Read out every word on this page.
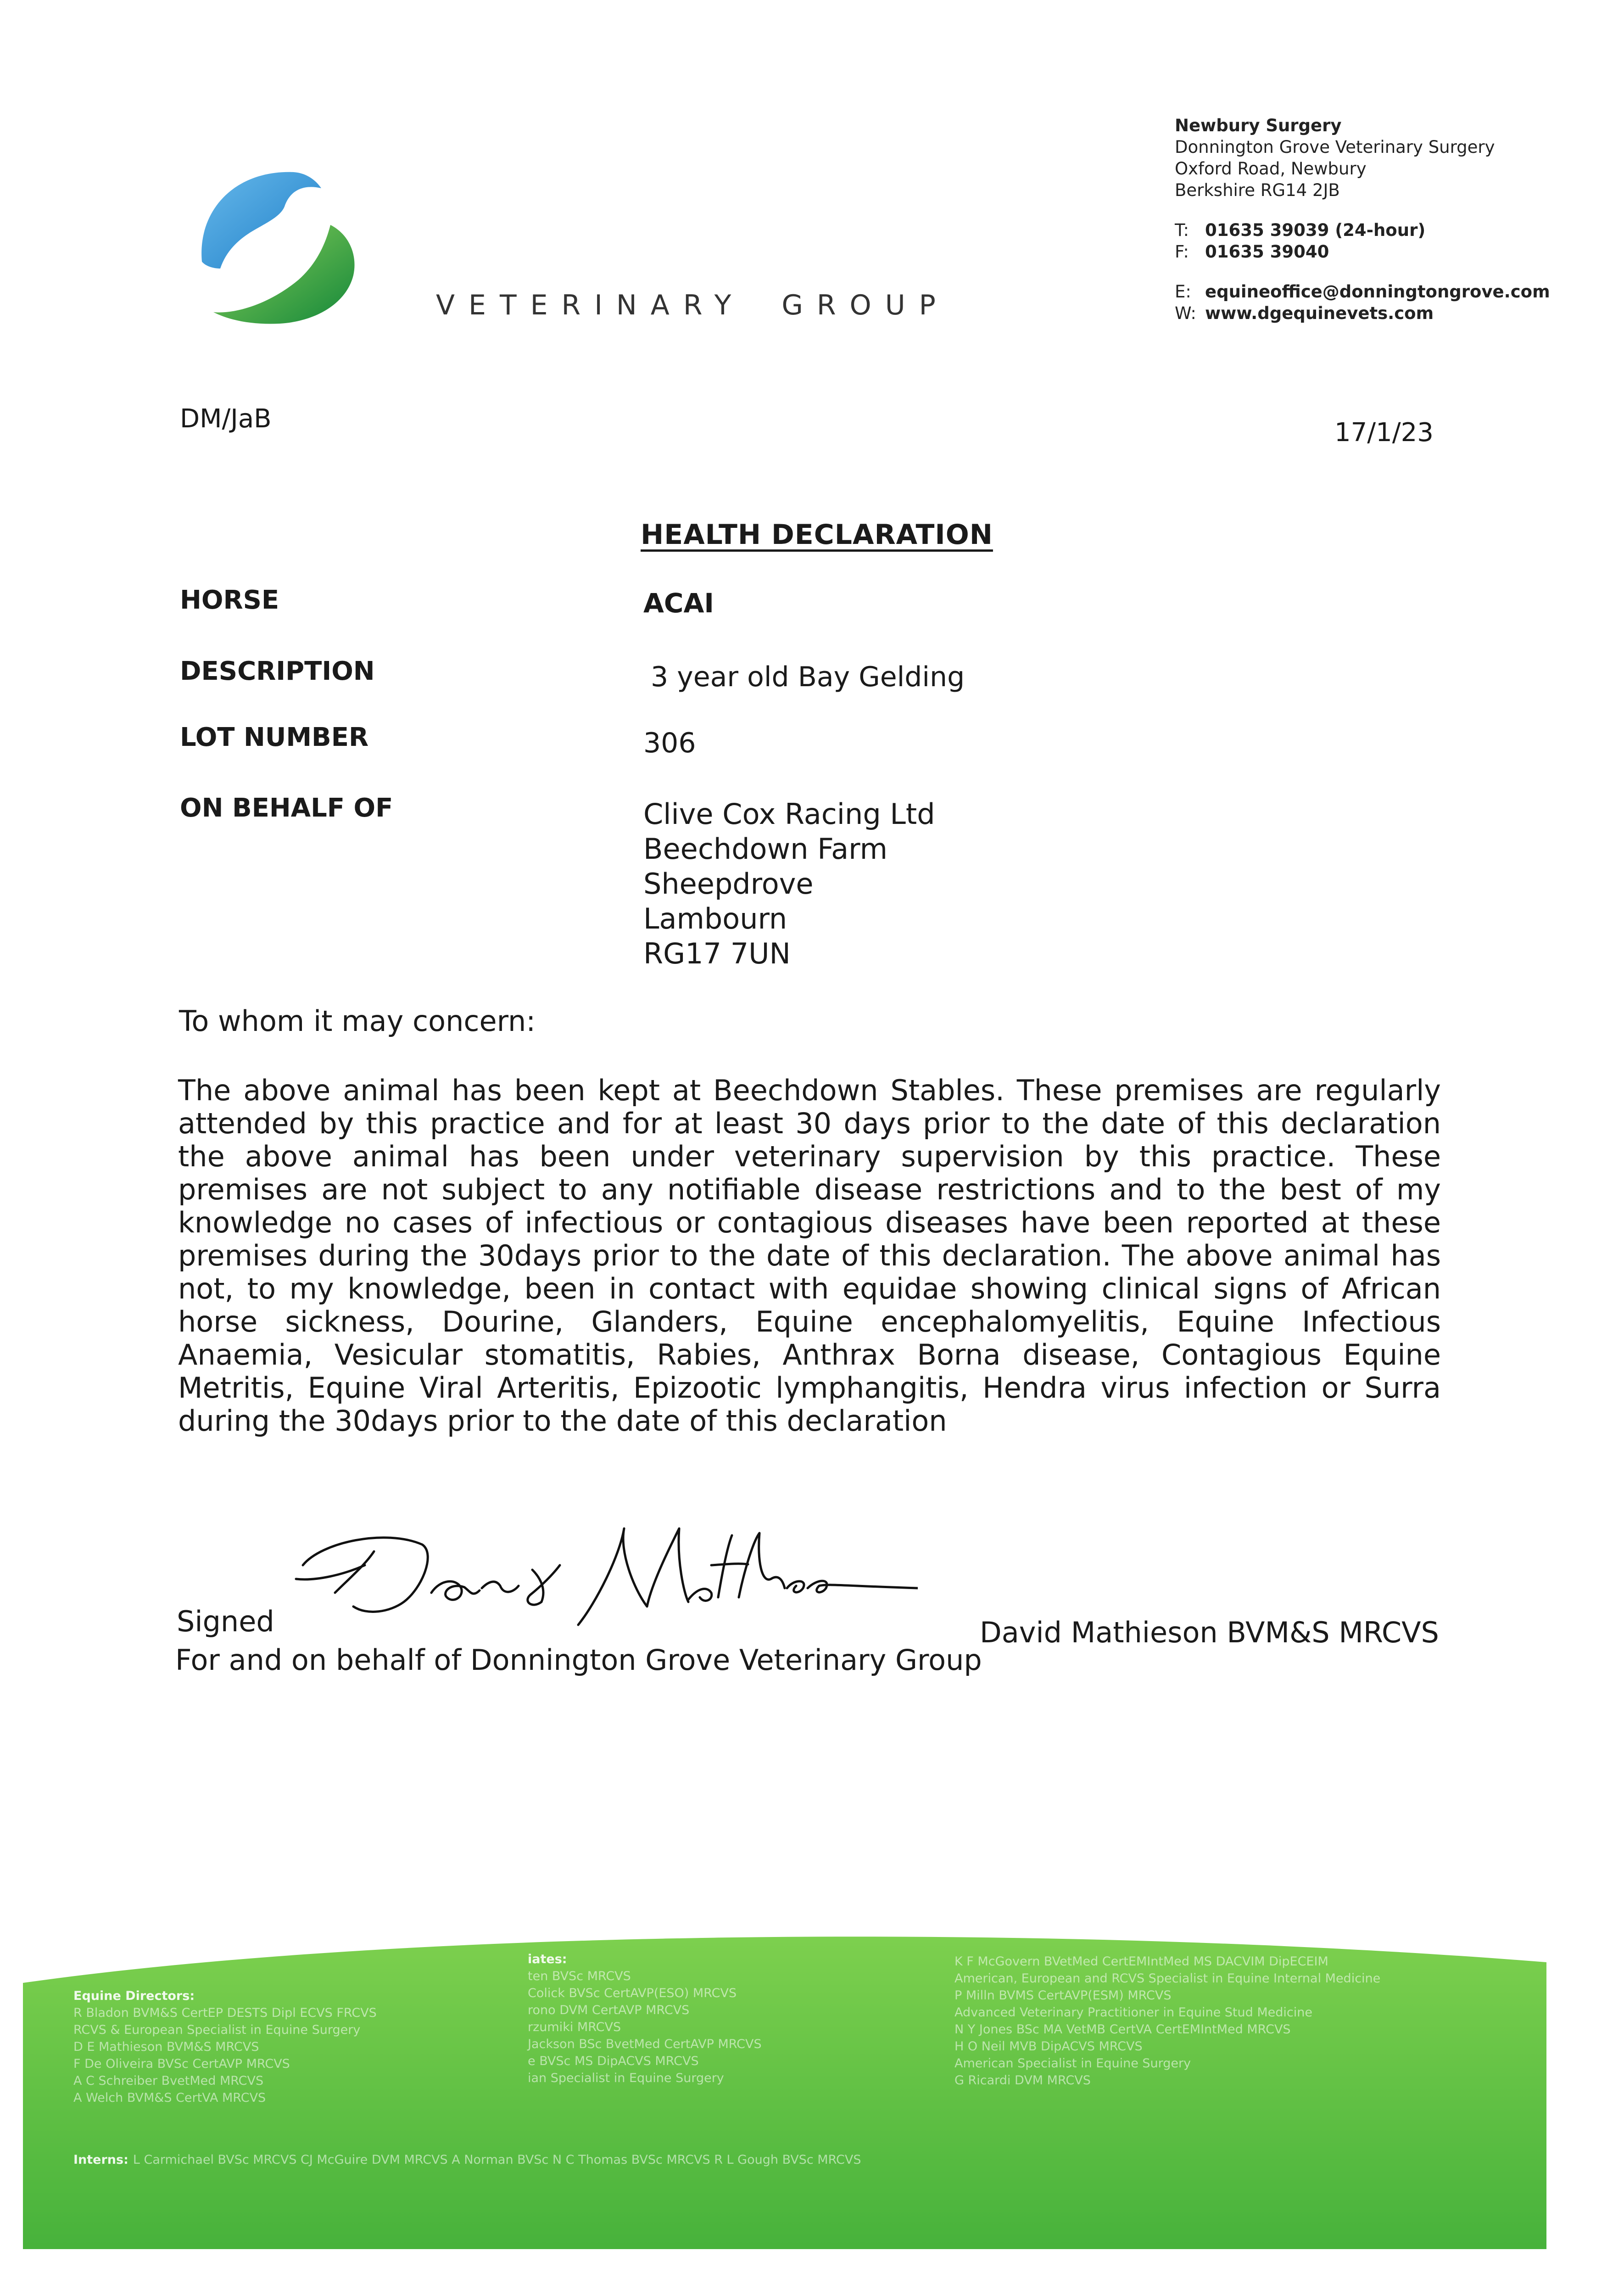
VETERINARY GROUP
Newbury Surgery
Donnington Grove Veterinary Surgery
Oxford Road, Newbury
Berkshire RG14 2JB
T: 01635 39039 (24-hour)
F: 01635 39040
E: equineoffice@donningtongrove.com
W: www.dgequinevets.com
DM/JaB	17/1/23
HEALTH DECLARATION
HORSE	ACAI
DESCRIPTION	3 year old Bay Gelding
LOT NUMBER	306
ON BEHALF OF	Clive Cox Racing Ltd
Beechdown Farm
Sheepdrove
Lambourn
RG17 7UN
To whom it may concern:
The above animal has been kept at Beechdown Stables. These premises are regularly attended by this practice and for at least 30 days prior to the date of this declaration the above animal has been under veterinary supervision by this practice. These premises are not subject to any notifiable disease restrictions and to the best of my knowledge no cases of infectious or contagious diseases have been reported at these premises during the 30days prior to the date of this declaration. The above animal has not, to my knowledge, been in contact with equidae showing clinical signs of African horse sickness, Dourine, Glanders, Equine encephalomyelitis, Equine Infectious Anaemia, Vesicular stomatitis, Rabies, Anthrax Borna disease, Contagious Equine Metritis, Equine Viral Arteritis, Epizootic lymphangitis, Hendra virus infection or Surra during the 30days prior to the date of this declaration
Signed
For and on behalf of Donnington Grove Veterinary Group
David Mathieson BVM&S MRCVS
Equine Directors:
R Bladon BVM&S CertEP DESTS Dipl ECVS FRCVS
RCVS & European Specialist in Equine Surgery
D E Mathieson BVM&S MRCVS
F De Oliveira BVSc CertAVP MRCVS
A C Schreiber BvetMed MRCVS
A Welch BVM&S CertVA MRCVS
iates:
ten BVSc MRCVS
Colick BVSc CertAVP(ESO) MRCVS
rono DVM CertAVP MRCVS
rzumiki MRCVS
Jackson BSc BvetMed CertAVP MRCVS
e BVSc MS DipACVS MRCVS
ian Specialist in Equine Surgery
K F McGovern BVetMed CertEMIntMed MS DACVIM DipECEIM
American, European and RCVS Specialist in Equine Internal Medicine
P Milln BVMS CertAVP(ESM) MRCVS
Advanced Veterinary Practitioner in Equine Stud Medicine
N Y Jones BSc MA VetMB CertVA CertEMIntMed MRCVS
H O Neil MVB DipACVS MRCVS
American Specialist in Equine Surgery
G Ricardi DVM MRCVS
Interns: L Carmichael BVSc MRCVS CJ McGuire DVM MRCVS A Norman BVSc N C Thomas BVSc MRCVS R L Gough BVSc MRCVS
